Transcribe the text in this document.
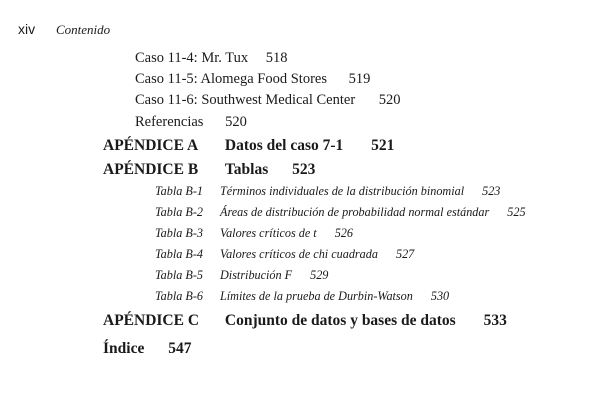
xiv Contenido
Caso 11-4: Mr. Tux 518
Caso 11-5: Alomega Food Stores 519
Caso 11-6: Southwest Medical Center 520
Referencias 520
APÉNDICE A Datos del caso 7-1 521
APÉNDICE B Tablas 523
Tabla B-1 Términos individuales de la distribución binomial 523
Tabla B-2 Áreas de distribución de probabilidad normal estándar 525
Tabla B-3 Valores críticos de t 526
Tabla B-4 Valores críticos de chi cuadrada 527
Tabla B-5 Distribución F 529
Tabla B-6 Límites de la prueba de Durbin-Watson 530
APÉNDICE C Conjunto de datos y bases de datos 533
Índice 547
